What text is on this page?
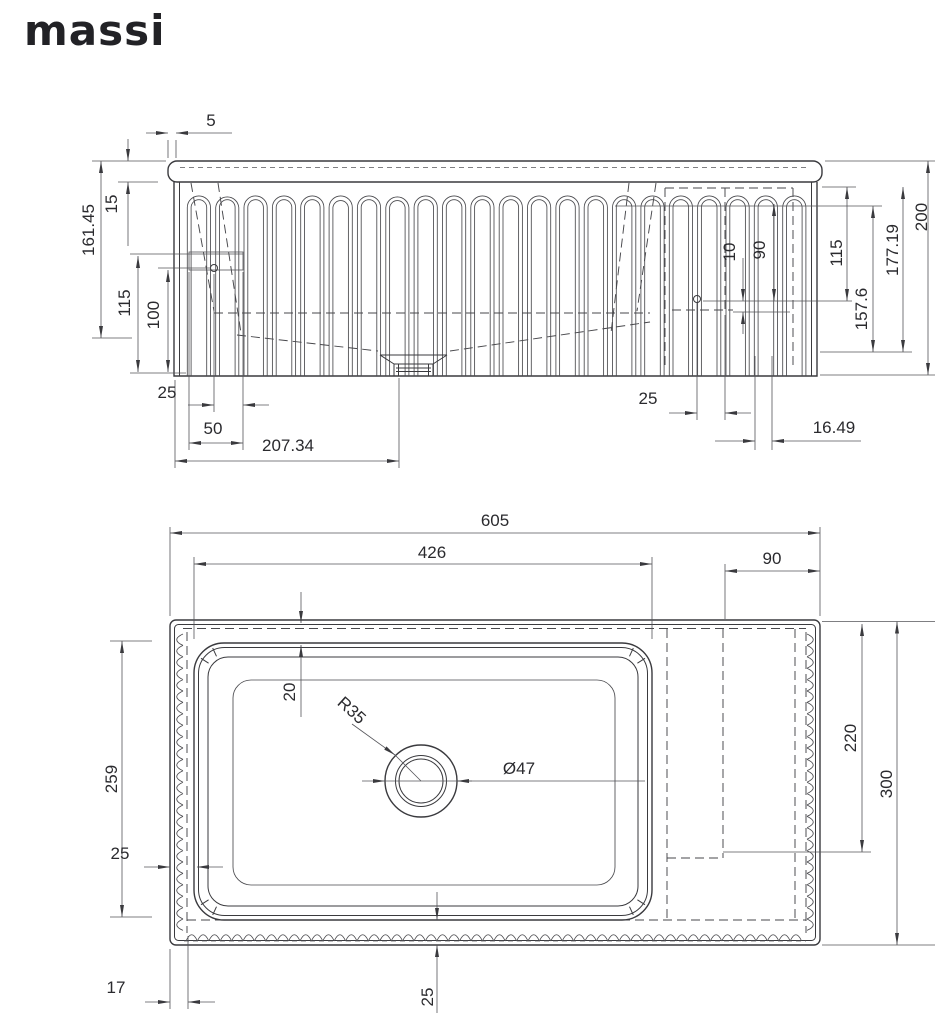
massi
5
15
161.45
115 100
25
50
207.34
25
16.49
10 90	115
157.6
177.19
200
605
426	90
20
R35
Ø47
259
25
220
300
17	25
